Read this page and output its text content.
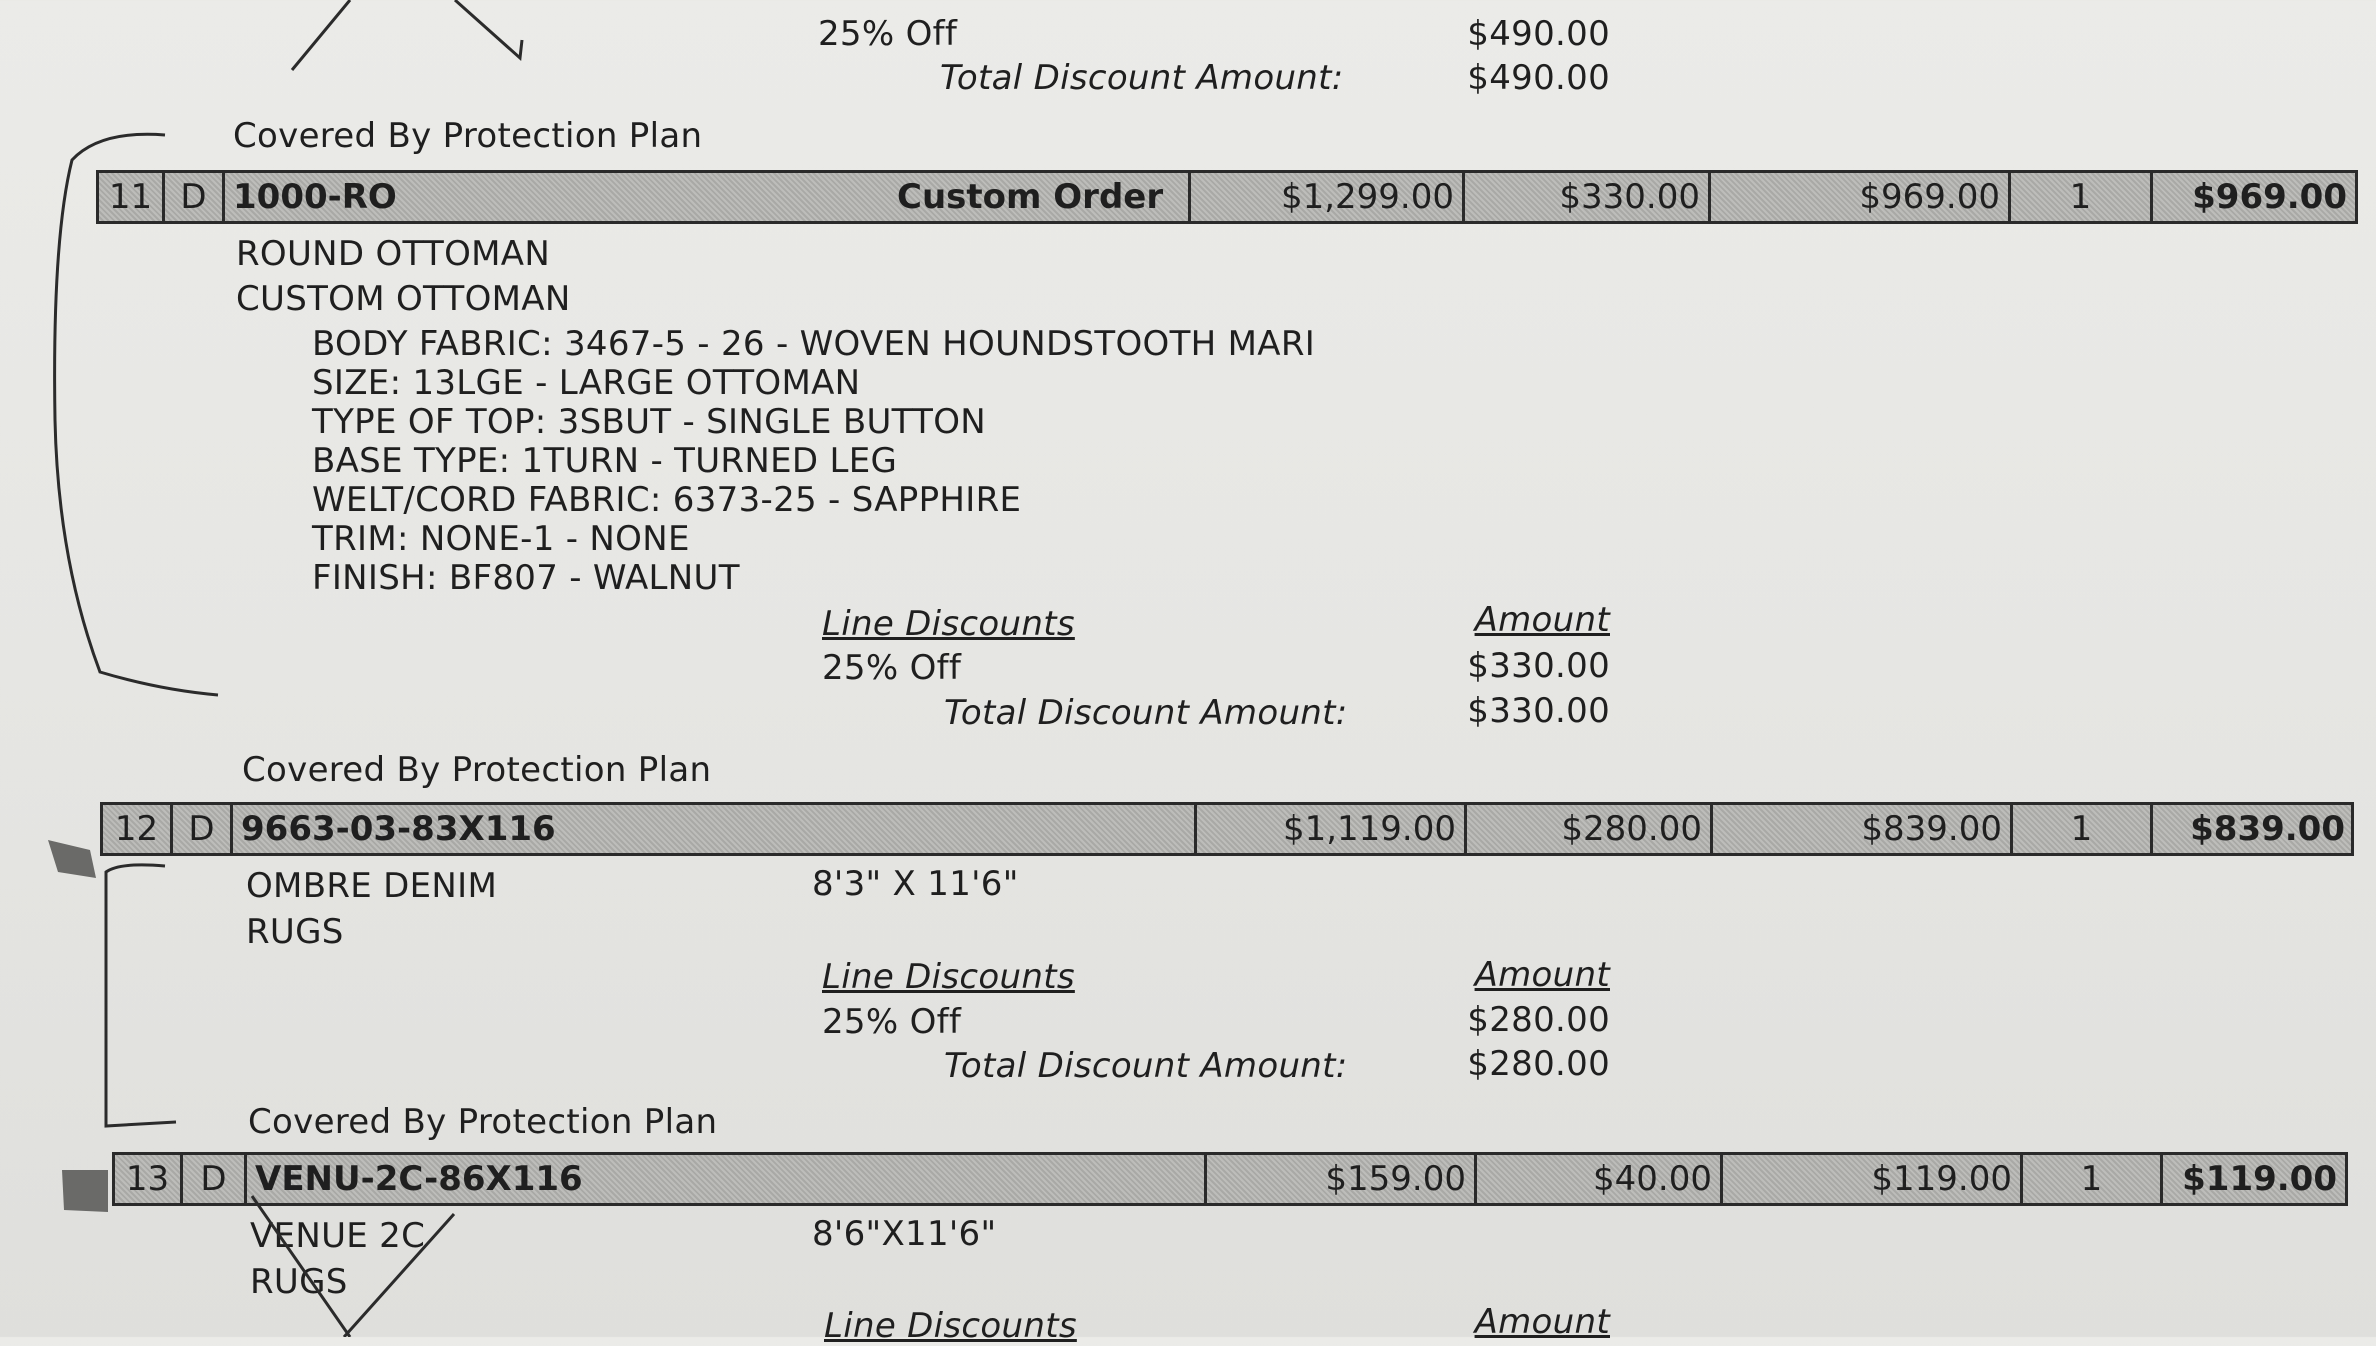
25% Off	$490.00
Total Discount Amount:	$490.00
Covered By Protection Plan
11 D 1000-RO	Custom Order	$1,299.00	$330.00	$969.00	1	$969.00
ROUND OTTOMAN
CUSTOM OTTOMAN
BODY FABRIC: 3467-5 - 26 - WOVEN HOUNDSTOOTH MARI
SIZE: 13LGE - LARGE OTTOMAN
TYPE OF TOP: 3SBUT - SINGLE BUTTON
BASE TYPE: 1TURN - TURNED LEG
WELT/CORD FABRIC: 6373-25 - SAPPHIRE
TRIM: NONE-1 - NONE
FINISH: BF807 - WALNUT
Line Discounts	Amount
25% Off	$330.00
Total Discount Amount:	$330.00
Covered By Protection Plan
12 D 9663-03-83X116	$1,119.00	$280.00	$839.00	1	$839.00
OMBRE DENIM	8'3" X 11'6"
RUGS
Line Discounts	Amount
25% Off	$280.00
Total Discount Amount:	$280.00
Covered By Protection Plan
13 D VENU-2C-86X116	$159.00	$40.00	$119.00	1	$119.00
VENUE 2C	8'6"X11'6"
RUGS
Line Discounts	Amount
